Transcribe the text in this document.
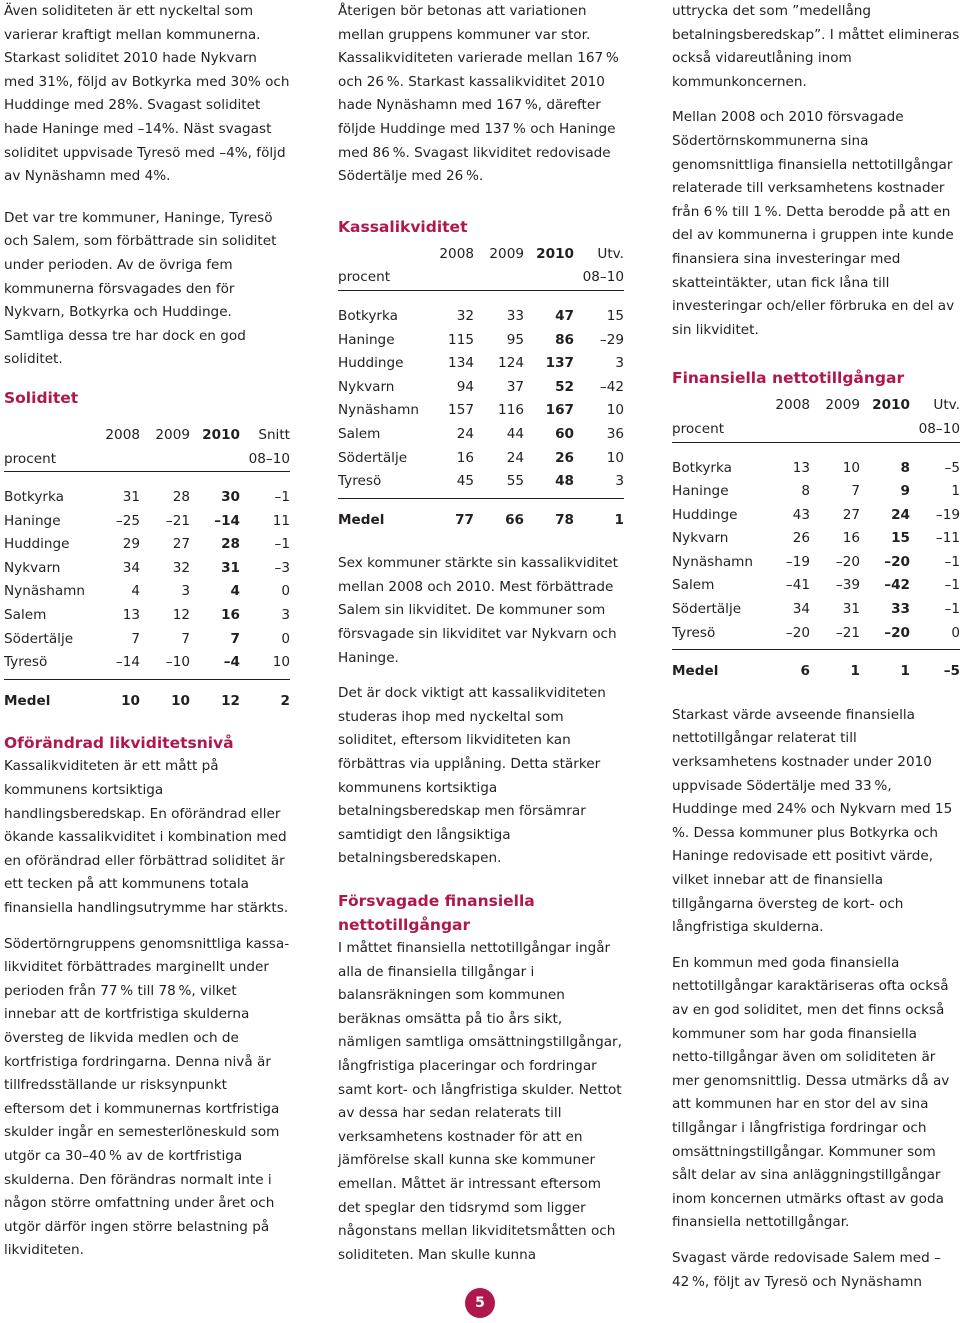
Även soliditeten är ett nyckeltal som varierar kraftigt mellan kommunerna. Starkast soliditet 2010 hade Nykvarn med 31%, följd av Botkyrka med 30% och Huddinge med 28%. Svagast soliditet hade Haninge med –14%. Näst svagast soliditet uppvisade Tyresö med –4%, följd av Nynäshamn med 4%.

Det var tre kommuner, Haninge, Tyresö och Salem, som förbättrade sin soliditet under perioden. Av de övriga fem kommunerna försvagades den för Nykvarn, Botkyrka och Huddinge. Samtliga dessa tre har dock en god soliditet.

Soliditet
	2008	2009	2010	Snitt
procent			08–10	

Botkyrka	31	28	30	–1
Haninge	–25	–21	–14	11
Huddinge	29	27	28	–1
Nykvarn	34	32	31	–3
Nynäshamn	4	3	4	0
Salem	13	12	16	3
Södertälje	7	7	7	0
Tyresö	–14	–10	–4	10

Medel	10	10	12	2
Oförändrad likviditetsnivå

Kassalikviditeten är ett mått på kommunens kortsiktiga handlingsberedskap. En oförändrad eller ökande kassalikviditet i kombination med en oförändrad eller förbättrad soliditet är ett tecken på att kommunens totala finansiella handlingsutrymme har stärkts.

Södertörngruppens genomsnittliga kassa-likviditet förbättrades marginellt under perioden från 77 % till 78 %, vilket innebar att de kortfristiga skulderna översteg de likvida medlen och de kortfristiga fordringarna. Denna nivå är tillfredsställande ur risksynpunkt eftersom det i kommunernas kortfristiga skulder ingår en semesterlöneskuld som utgör ca 30–40 % av de kortfristiga skulderna. Den förändras normalt inte i någon större omfattning under året och utgör därför ingen större belastning på likviditeten.

Återigen bör betonas att variationen mellan gruppens kommuner var stor. Kassalikviditeten varierade mellan 167 % och 26 %. Starkast kassalikviditet 2010 hade Nynäshamn med 167 %, därefter följde Huddinge med 137 % och Haninge med 86 %. Svagast likviditet redovisade Södertälje med 26 %.

Kassalikviditet
	2008	2009	2010	Utv.
procent			08–10	

Botkyrka	32	33	47	15
Haninge	115	95	86	–29
Huddinge	134	124	137	3
Nykvarn	94	37	52	–42
Nynäshamn	157	116	167	10
Salem	24	44	60	36
Södertälje	16	24	26	10
Tyresö	45	55	48	3

Medel	77	66	78	1

Sex kommuner stärkte sin kassalikviditet mellan 2008 och 2010. Mest förbättrade Salem sin likviditet. De kommuner som försvagade sin likviditet var Nykvarn och Haninge.

Det är dock viktigt att kassalikviditeten studeras ihop med nyckeltal som soliditet, eftersom likviditeten kan förbättras via upplåning. Detta stärker kommunens kortsiktiga betalningsberedskap men försämrar samtidigt den långsiktiga betalningsberedskapen.

Försvagade finansiella nettotillgångar

I måttet finansiella nettotillgångar ingår alla de finansiella tillgångar i balansräkningen som kommunen beräknas omsätta på tio års sikt, nämligen samtliga omsättningstillgångar, långfristiga placeringar och fordringar samt kort- och långfristiga skulder. Nettot av dessa har sedan relaterats till verksamhetens kostnader för att en jämförelse skall kunna ske kommuner emellan. Måttet är intressant eftersom det speglar den tidsrymd som ligger någonstans mellan likviditetsmåtten och soliditeten. Man skulle kunna

uttrycka det som ”medellång betalningsberedskap”. I måttet elimineras också vidareutlåning inom kommunkoncernen.

Mellan 2008 och 2010 försvagade Södertörnskommunerna sina genomsnittliga finansiella nettotillgångar relaterade till verksamhetens kostnader från 6 % till 1 %. Detta berodde på att en del av kommunerna i gruppen inte kunde finansiera sina investeringar med skatteintäkter, utan fick låna till investeringar och/eller förbruka en del av sin likviditet.

Finansiella nettotillgångar
	2008	2009	2010	Utv.
procent			08–10	

Botkyrka	13	10	8	–5
Haninge	8	7	9	1
Huddinge	43	27	24	–19
Nykvarn	26	16	15	–11
Nynäshamn	–19	–20	–20	–1
Salem	–41	–39	–42	–1
Södertälje	34	31	33	–1
Tyresö	–20	–21	–20	0

Medel	6	1	1	–5

Starkast värde avseende finansiella nettotillgångar relaterat till verksamhetens kostnader under 2010 uppvisade Södertälje med 33 %, Huddinge med 24% och Nykvarn med 15 %. Dessa kommuner plus Botkyrka och Haninge redovisade ett positivt värde, vilket innebar att de finansiella tillgångarna översteg de kort- och långfristiga skulderna.

En kommun med goda finansiella nettotillgångar karaktäriseras ofta också av en god soliditet, men det finns också kommuner som har goda finansiella netto-tillgångar även om soliditeten är mer genomsnittlig. Dessa utmärks då av att kommunen har en stor del av sina tillgångar i långfristiga fordringar och omsättningstillgångar. Kommuner som sålt delar av sina anläggningstillgångar inom koncernen utmärks oftast av goda finansiella nettotillgångar.

Svagast värde redovisade Salem med –42 %, följt av Tyresö och Nynäshamn

5
